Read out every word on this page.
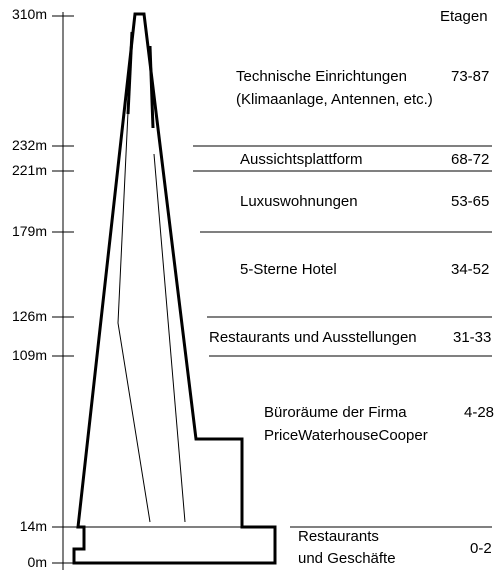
Etagen
310m
232m
221m
179m
126m
109m
14m
0m
Technische Einrichtungen
(Klimaanlage, Antennen, etc.)
73-87
Aussichtsplattform	68-72
Luxuswohnungen	53-65
5-Sterne Hotel	34-52
Restaurants und Ausstellungen 31-33
Büroräume der Firma
PriceWaterhouseCooper
4-28
Restaurants
und Geschäfte
0-2
